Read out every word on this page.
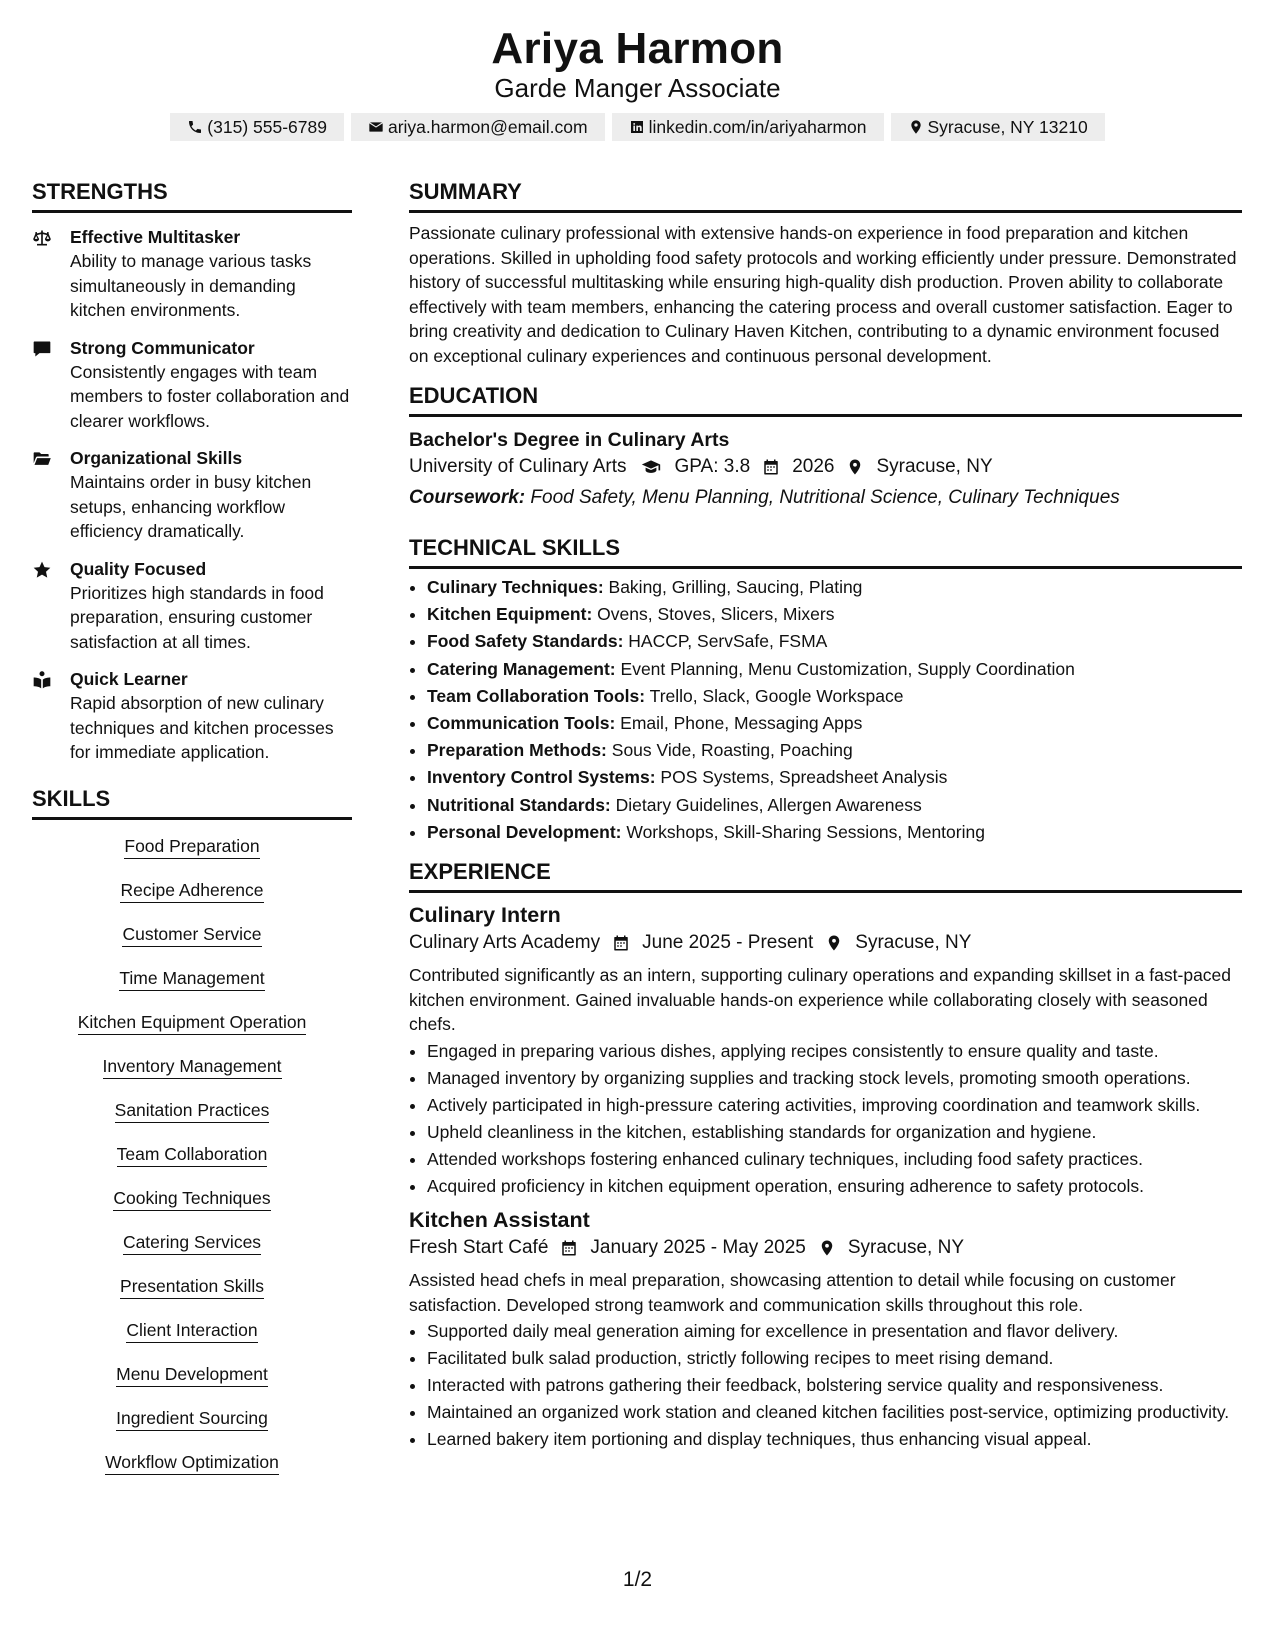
Ariya Harmon
Garde Manger Associate
(315) 555-6789	ariya.harmon@email.com	linkedin.com/in/ariyaharmon	Syracuse, NY 13210
STRENGTHS
Effective Multitasker
Ability to manage various tasks simultaneously in demanding kitchen environments.
Strong Communicator
Consistently engages with team members to foster collaboration and clearer workflows.
Organizational Skills
Maintains order in busy kitchen setups, enhancing workflow efficiency dramatically.
Quality Focused
Prioritizes high standards in food preparation, ensuring customer satisfaction at all times.
Quick Learner
Rapid absorption of new culinary techniques and kitchen processes for immediate application.
SKILLS
Food Preparation
Recipe Adherence
Customer Service
Time Management
Kitchen Equipment Operation
Inventory Management
Sanitation Practices
Team Collaboration
Cooking Techniques
Catering Services
Presentation Skills
Client Interaction
Menu Development
Ingredient Sourcing
Workflow Optimization
SUMMARY

Passionate culinary professional with extensive hands-on experience in food preparation and kitchen operations. Skilled in upholding food safety protocols and working efficiently under pressure. Demonstrated history of successful multitasking while ensuring high-quality dish production. Proven ability to collaborate effectively with team members, enhancing the catering process and overall customer satisfaction. Eager to bring creativity and dedication to Culinary Haven Kitchen, contributing to a dynamic environment focused on exceptional culinary experiences and continuous personal development.

EDUCATION
Bachelor's Degree in Culinary Arts
University of Culinary Arts	GPA: 3.8 2026 Syracuse, NY
Coursework: Food Safety, Menu Planning, Nutritional Science, Culinary Techniques
TECHNICAL SKILLS
• Culinary Techniques: Baking, Grilling, Saucing, Plating
• Kitchen Equipment: Ovens, Stoves, Slicers, Mixers
• Food Safety Standards: HACCP, ServSafe, FSMA
• Catering Management: Event Planning, Menu Customization, Supply Coordination
• Team Collaboration Tools: Trello, Slack, Google Workspace
• Communication Tools: Email, Phone, Messaging Apps
• Preparation Methods: Sous Vide, Roasting, Poaching
• Inventory Control Systems: POS Systems, Spreadsheet Analysis
• Nutritional Standards: Dietary Guidelines, Allergen Awareness
• Personal Development: Workshops, Skill-Sharing Sessions, Mentoring
EXPERIENCE
Culinary Intern
Culinary Arts Academy June 2025 - Present Syracuse, NY
Contributed significantly as an intern, supporting culinary operations and expanding skillset in a fast-paced kitchen environment. Gained invaluable hands-on experience while collaborating closely with seasoned chefs.
• Engaged in preparing various dishes, applying recipes consistently to ensure quality and taste.
• Managed inventory by organizing supplies and tracking stock levels, promoting smooth operations.
• Actively participated in high-pressure catering activities, improving coordination and teamwork skills.
• Upheld cleanliness in the kitchen, establishing standards for organization and hygiene.
• Attended workshops fostering enhanced culinary techniques, including food safety practices.
• Acquired proficiency in kitchen equipment operation, ensuring adherence to safety protocols.
Kitchen Assistant
Fresh Start Café January 2025 - May 2025 Syracuse, NY
Assisted head chefs in meal preparation, showcasing attention to detail while focusing on customer satisfaction. Developed strong teamwork and communication skills throughout this role.
• Supported daily meal generation aiming for excellence in presentation and flavor delivery.
• Facilitated bulk salad production, strictly following recipes to meet rising demand.
• Interacted with patrons gathering their feedback, bolstering service quality and responsiveness.
• Maintained an organized work station and cleaned kitchen facilities post-service, optimizing productivity.
• Learned bakery item portioning and display techniques, thus enhancing visual appeal.
1/2
